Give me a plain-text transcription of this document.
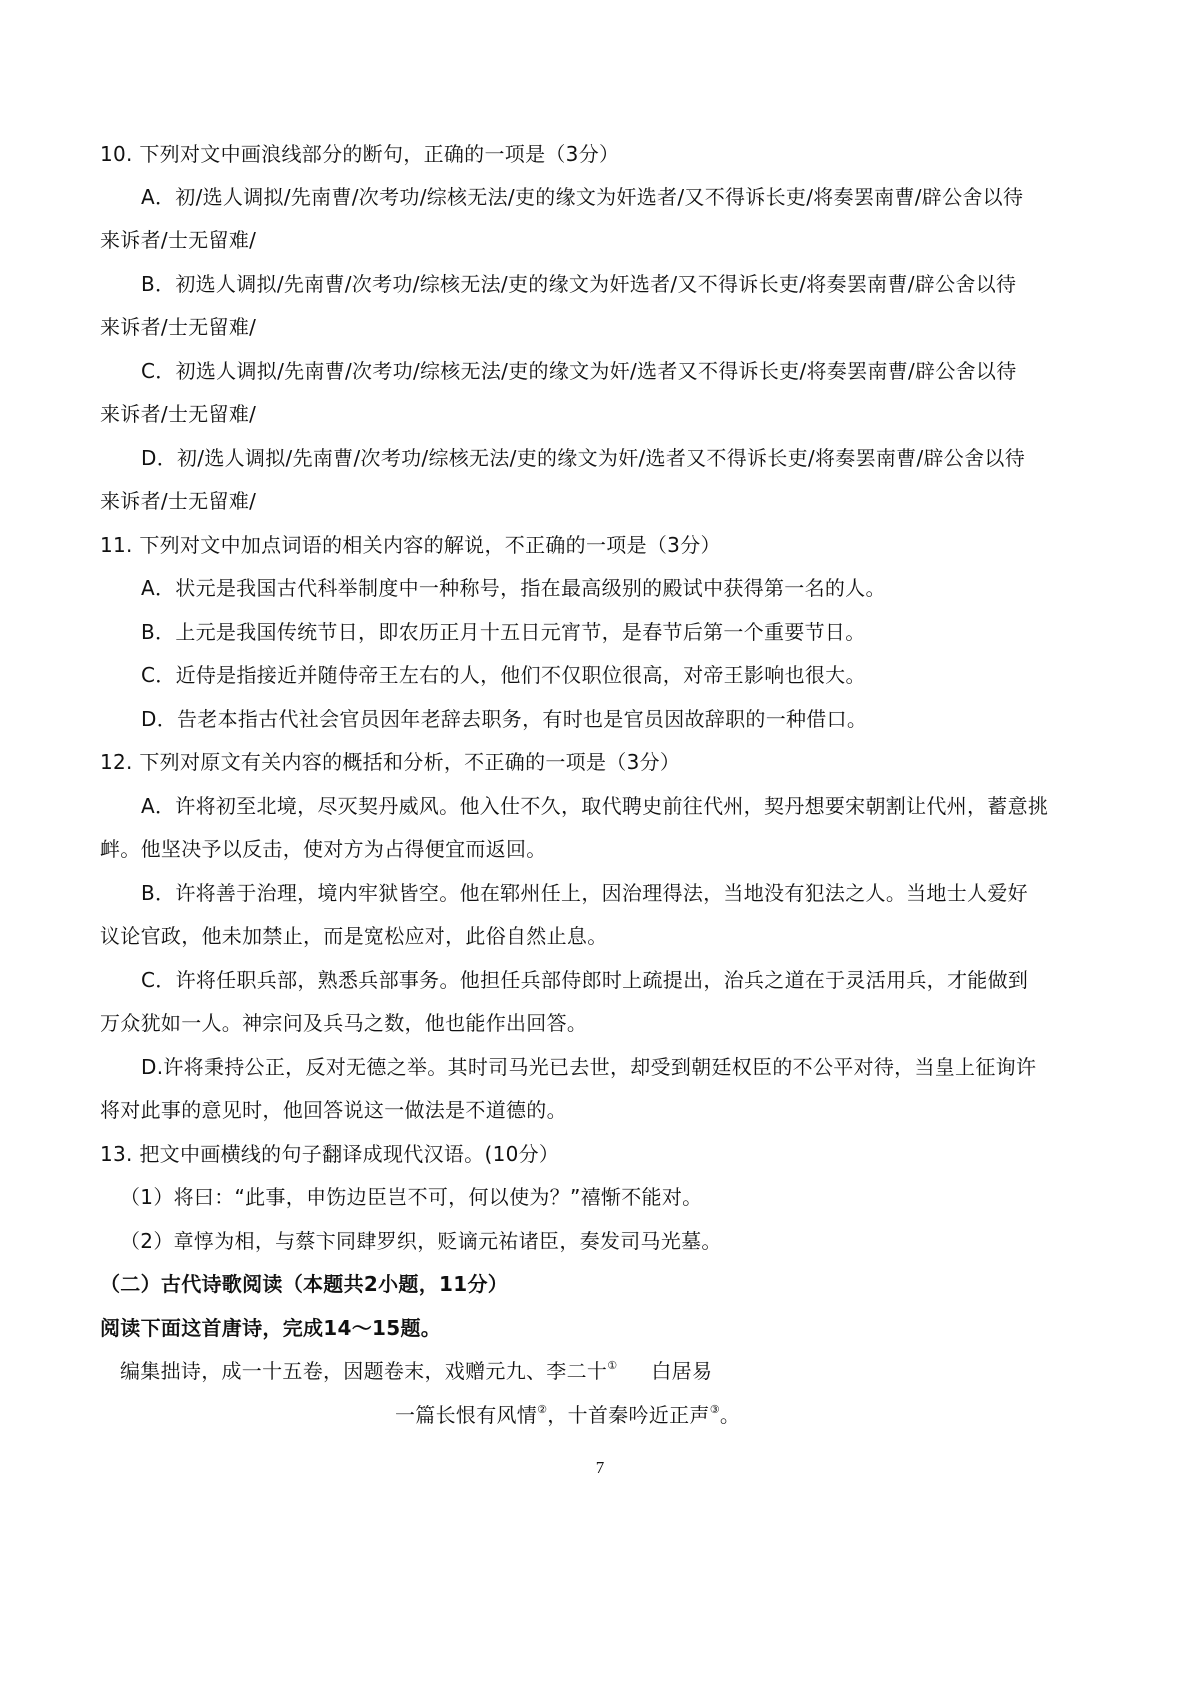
10. 下列对文中画浪线部分的断句，正确的一项是（3分）
A．初/选人调拟/先南曹/次考功/综核无法/吏的缘文为奸选者/又不得诉长吏/将奏罢南曹/辟公舍以待
来诉者/士无留难/
B．初选人调拟/先南曹/次考功/综核无法/吏的缘文为奸选者/又不得诉长吏/将奏罢南曹/辟公舍以待
来诉者/士无留难/
C．初选人调拟/先南曹/次考功/综核无法/吏的缘文为奸/选者又不得诉长吏/将奏罢南曹/辟公舍以待
来诉者/士无留难/
D．初/选人调拟/先南曹/次考功/综核无法/吏的缘文为奸/选者又不得诉长吏/将奏罢南曹/辟公舍以待
来诉者/士无留难/
11. 下列对文中加点词语的相关内容的解说，不正确的一项是（3分）
A．状元是我国古代科举制度中一种称号，指在最高级别的殿试中获得第一名的人。
B．上元是我国传统节日，即农历正月十五日元宵节，是春节后第一个重要节日。
C．近侍是指接近并随侍帝王左右的人，他们不仅职位很高，对帝王影响也很大。
D．告老本指古代社会官员因年老辞去职务，有时也是官员因故辞职的一种借口。
12. 下列对原文有关内容的概括和分析，不正确的一项是（3分）
A．许将初至北境，尽灭契丹威风。他入仕不久，取代聘史前往代州，契丹想要宋朝割让代州，蓄意挑
衅。他坚决予以反击，使对方为占得便宜而返回。
B．许将善于治理，境内牢狱皆空。他在郓州任上，因治理得法，当地没有犯法之人。当地士人爱好
议论官政，他未加禁止，而是宽松应对，此俗自然止息。
C．许将任职兵部，熟悉兵部事务。他担任兵部侍郎时上疏提出，治兵之道在于灵活用兵，才能做到
万众犹如一人。神宗问及兵马之数，他也能作出回答。
D.许将秉持公正，反对无德之举。其时司马光已去世，却受到朝廷权臣的不公平对待，当皇上征询许
将对此事的意见时，他回答说这一做法是不道德的。
13. 把文中画横线的句子翻译成现代汉语。(10分）
（1）将曰：“此事，申饬边臣岂不可，何以使为？”禧惭不能对。
（2）章惇为相，与蔡卞同肆罗织，贬谪元祐诸臣，奏发司马光墓。
（二）古代诗歌阅读（本题共2小题，11分）
阅读下面这首唐诗，完成14～15题。
编集拙诗，成一十五卷，因题卷末，戏赠元九、李二十① 白居易
一篇长恨有风情②，十首秦吟近正声③。
7
